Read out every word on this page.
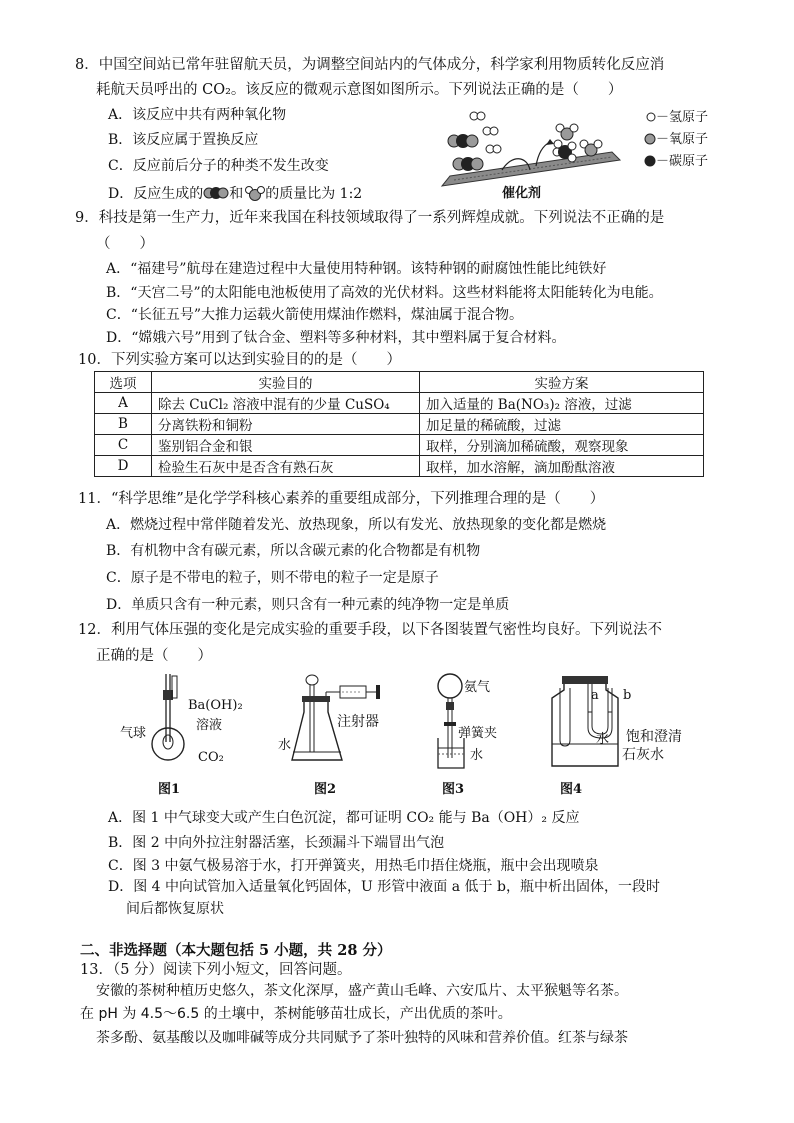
8．中国空间站已常年驻留航天员，为调整空间站内的气体成分，科学家利用物质转化反应消
耗航天员呼出的 CO₂。该反应的微观示意图如图所示。下列说法正确的是（　　）
A．该反应中共有两种氧化物
B．该反应属于置换反应
C．反应前后分子的种类不发生改变
D．反应生成的 和 的质量比为 1:2	催化剂
－氢原子
－氧原子
－碳原子
9．科技是第一生产力，近年来我国在科技领域取得了一系列辉煌成就。下列说法不正确的是
（　　）
A．“福建号”航母在建造过程中大量使用特种钢。该特种钢的耐腐蚀性能比纯铁好
B．“天宫二号”的太阳能电池板使用了高效的光伏材料。这些材料能将太阳能转化为电能。
C．“长征五号”大推力运载火箭使用煤油作燃料，煤油属于混合物。
D．“嫦娥六号”用到了钛合金、塑料等多种材料，其中塑料属于复合材料。
10．下列实验方案可以达到实验目的的是（　　）
选项	实验目的	实验方案
A	除去 CuCl₂ 溶液中混有的少量 CuSO₄	加入适量的 Ba(NO₃)₂ 溶液，过滤
B	分离铁粉和铜粉	加足量的稀硫酸，过滤
C	鉴别铝合金和银	取样，分别滴加稀硫酸，观察现象
D	检验生石灰中是否含有熟石灰	取样，加水溶解，滴加酚酞溶液
11．“科学思维”是化学学科核心素养的重要组成部分，下列推理合理的是（　　）
A．燃烧过程中常伴随着发光、放热现象，所以有发光、放热现象的变化都是燃烧
B．有机物中含有碳元素，所以含碳元素的化合物都是有机物
C．原子是不带电的粒子，则不带电的粒子一定是原子
D．单质只含有一种元素，则只含有一种元素的纯净物一定是单质
12．利用气体压强的变化是完成实验的重要手段，以下各图装置气密性均良好。下列说法不
正确的是（　　）
气球
Ba(OH)₂
溶液
CO₂
图1
注射器
水
图2
氨气
弹簧夹
水
图3
a b
水 饱和澄清
石灰水
图4
A．图 1 中气球变大或产生白色沉淀，都可证明 CO₂ 能与 Ba（OH）₂ 反应
B．图 2 中向外拉注射器活塞，长颈漏斗下端冒出气泡
C．图 3 中氨气极易溶于水，打开弹簧夹，用热毛巾捂住烧瓶，瓶中会出现喷泉
D．图 4 中向试管加入适量氧化钙固体，U 形管中液面 a 低于 b，瓶中析出固体，一段时
间后都恢复原状
二、非选择题（本大题包括 5 小题，共 28 分）
13．（5 分）阅读下列小短文，回答问题。
安徽的茶树种植历史悠久，茶文化深厚，盛产黄山毛峰、六安瓜片、太平猴魁等名茶。
在 pH 为 4.5～6.5 的土壤中，茶树能够苗壮成长，产出优质的茶叶。
茶多酚、氨基酸以及咖啡碱等成分共同赋予了茶叶独特的风味和营养价值。红茶与绿茶
